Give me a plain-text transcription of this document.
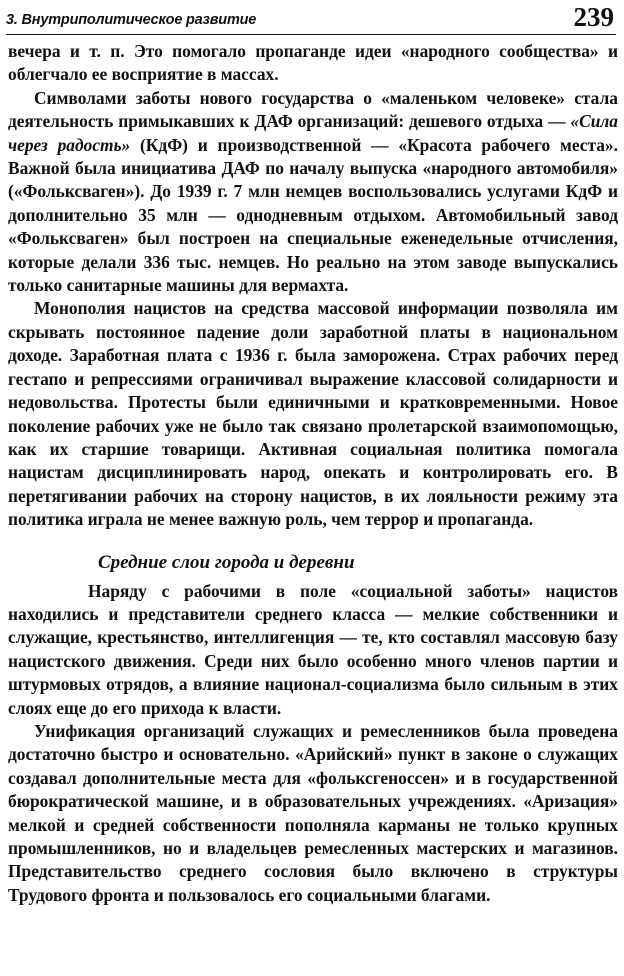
3. Внутриполитическое развитие	239

вечера и т. п. Это помогало пропаганде идеи «народного сообщества» и облегчало ее восприятие в массах.

Символами заботы нового государства о «маленьком человеке» стала деятельность примыкавших к ДАФ организаций: дешевого отдыха — «Сила через радость» (КдФ) и производственной — «Красота рабочего места». Важной была инициатива ДАФ по началу выпуска «народного автомобиля» («Фольксваген»). До 1939 г. 7 млн немцев воспользовались услугами КдФ и дополнительно 35 млн — однодневным отдыхом. Автомобильный завод «Фольксваген» был построен на специальные еженедельные отчисления, которые делали 336 тыс. немцев. Но реально на этом заводе выпускались только санитарные машины для вермахта.

Монополия нацистов на средства массовой информации позволяла им скрывать постоянное падение доли заработной платы в национальном доходе. Заработная плата с 1936 г. была заморожена. Страх рабочих перед гестапо и репрессиями ограничивал выражение классовой солидарности и недовольства. Протесты были единичными и кратковременными. Новое поколение рабочих уже не было так связано пролетарской взаимопомощью, как их старшие товарищи. Активная социальная политика помогала нацистам дисциплинировать народ, опекать и контролировать его. В перетягивании рабочих на сторону нацистов, в их лояльности режиму эта политика играла не менее важную роль, чем террор и пропаганда.

Средние слои города и деревни

Наряду с рабочими в поле «социальной заботы» нацистов находились и представители среднего класса — мелкие собственники и служащие, крестьянство, интеллигенция — те, кто составлял массовую базу нацистского движения. Среди них было особенно много членов партии и штурмовых отрядов, а влияние национал-социализма было сильным в этих слоях еще до его прихода к власти.

Унификация организаций служащих и ремесленников была проведена достаточно быстро и основательно. «Арийский» пункт в законе о служащих создавал дополнительные места для «фольксгеноссен» и в государственной бюрократической машине, и в образовательных учреждениях. «Аризация» мелкой и средней собственности пополняла карманы не только крупных промышленников, но и владельцев ремесленных мастерских и магазинов. Представительство среднего сословия было включено в структуры Трудового фронта и пользовалось его социальными благами.
